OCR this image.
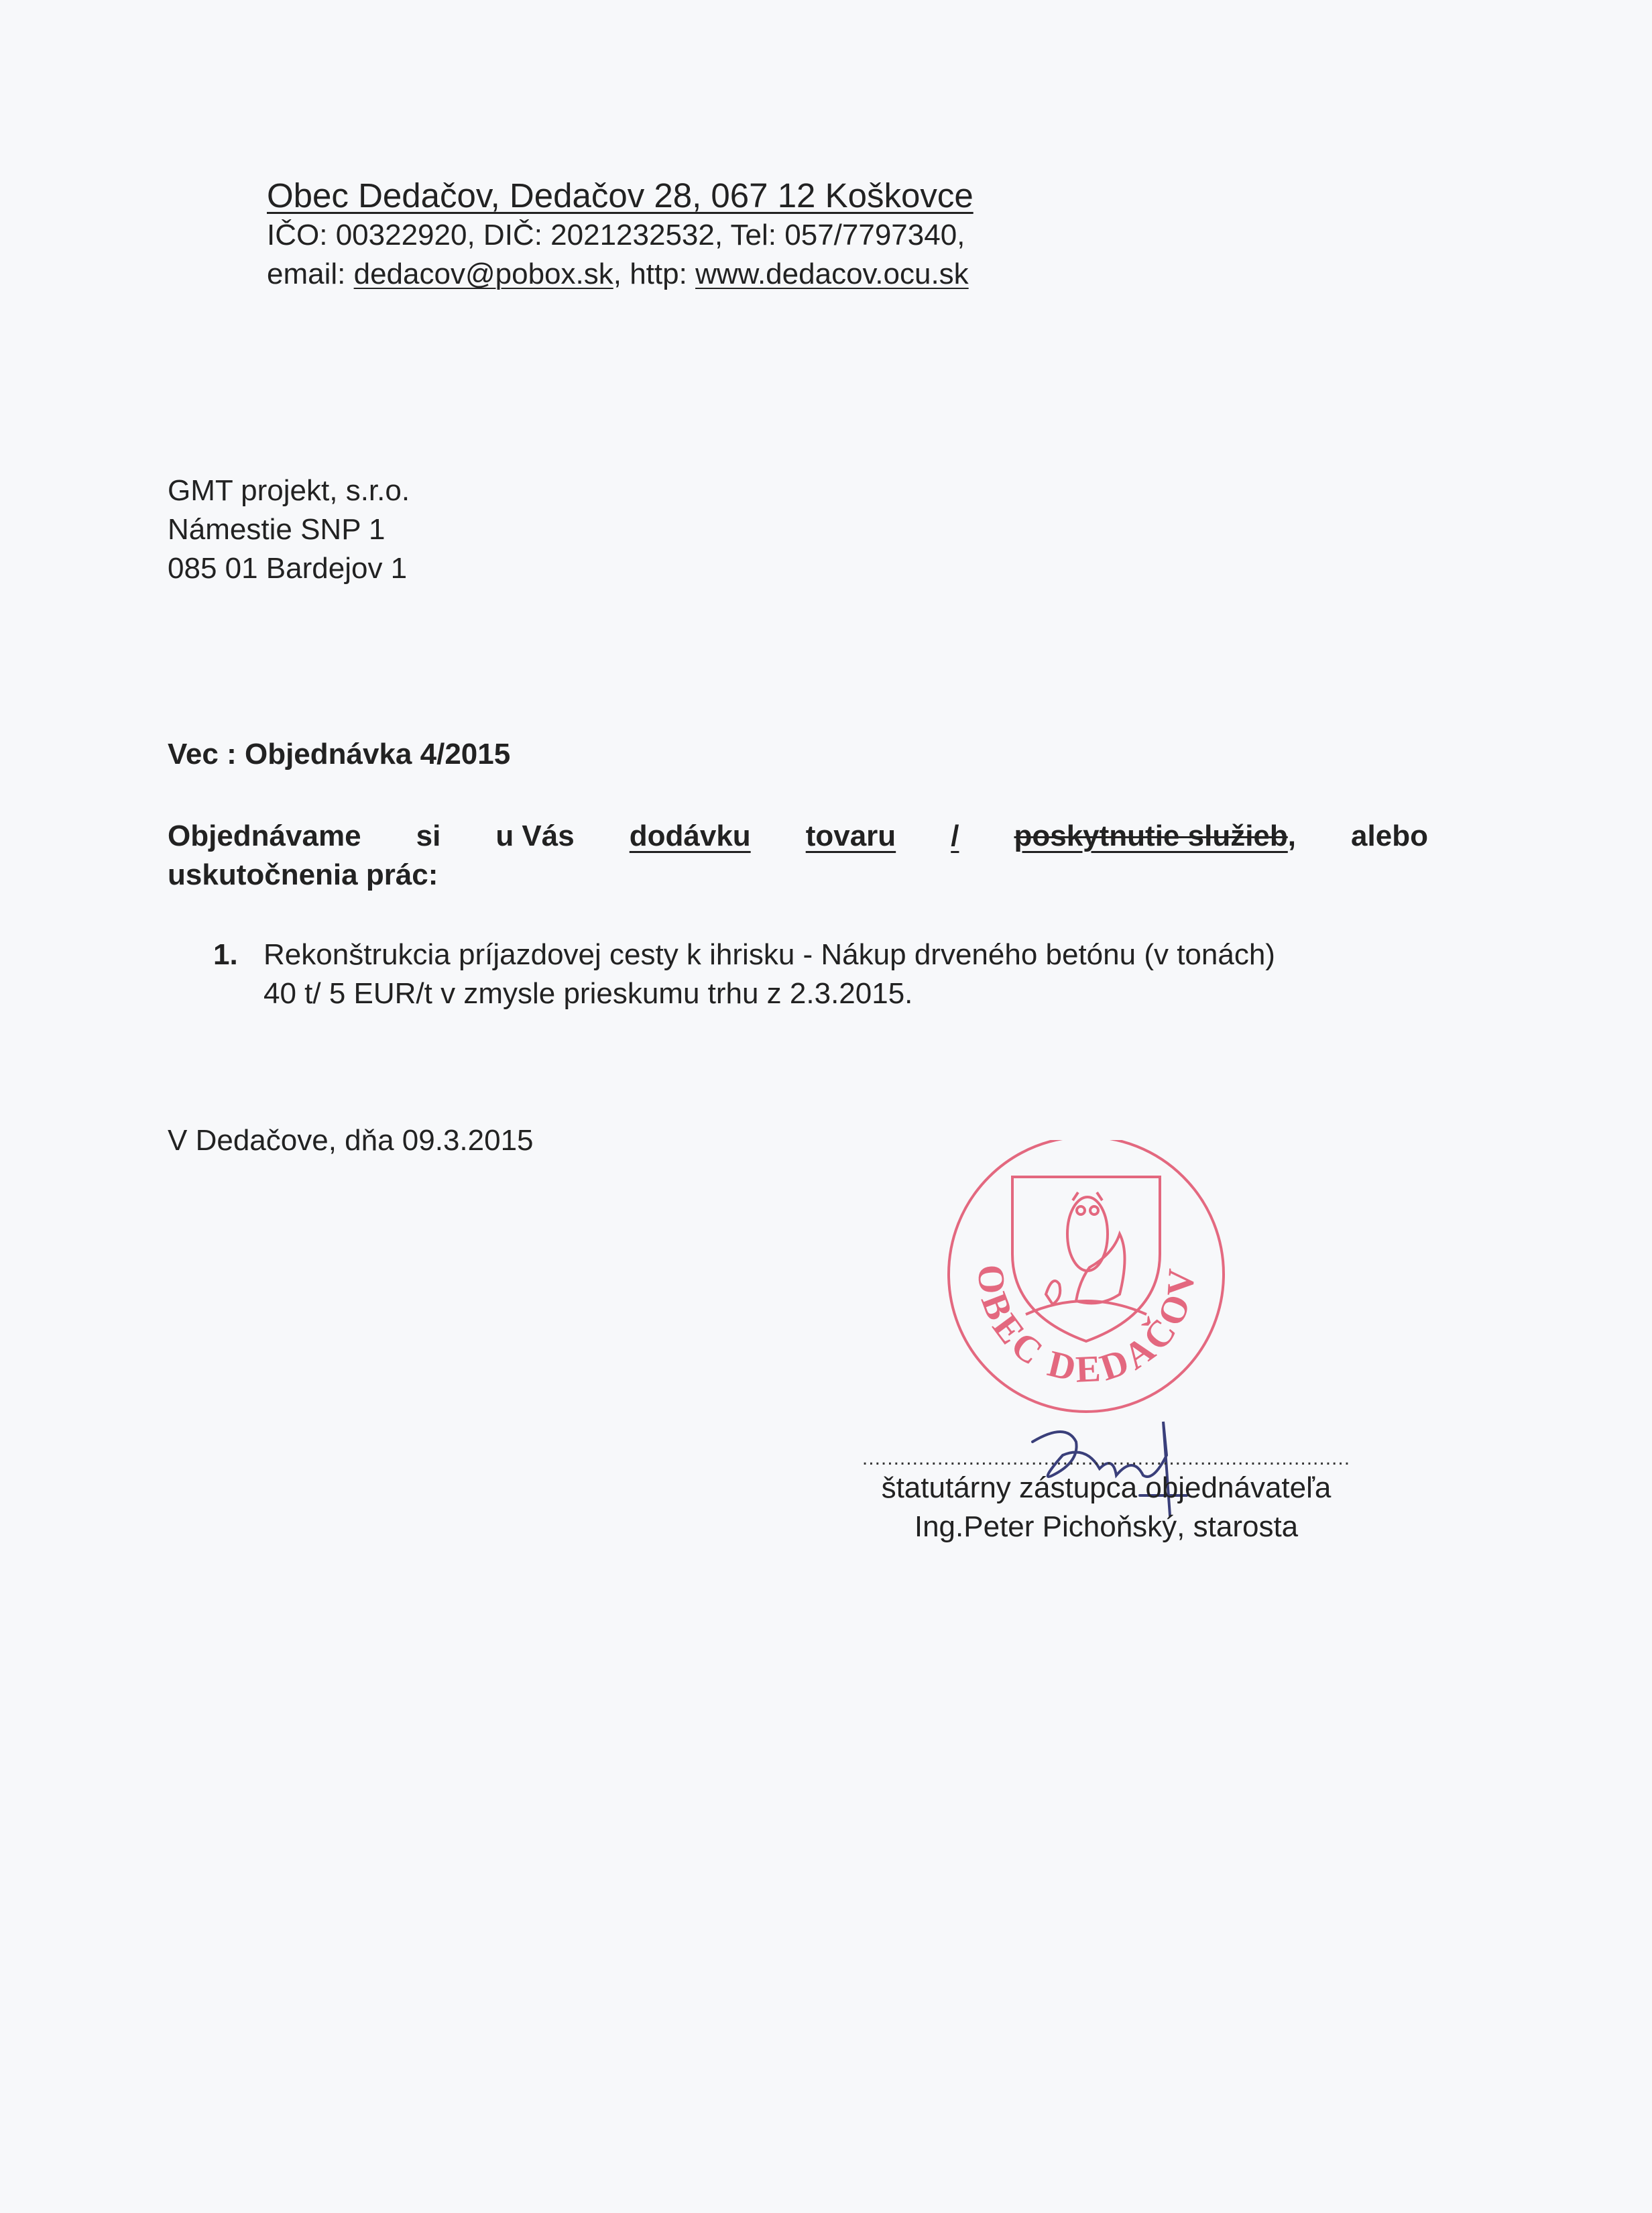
Obec Dedačov, Dedačov 28, 067 12 Koškovce
IČO: 00322920, DIČ: 2021232532, Tel: 057/7797340,
email: dedacov@pobox.sk, http: www.dedacov.ocu.sk
GMT projekt, s.r.o.
Námestie SNP 1
085 01 Bardejov 1
Vec : Objednávka 4/2015
Objednávame si u Vás dodávku tovaru / poskytnutie služieb, alebo
uskutočnenia prác:
1. Rekonštrukcia príjazdovej cesty k ihrisku - Nákup drveného betónu (v tonách)
40 t/ 5 EUR/t v zmysle prieskumu trhu z 2.3.2015.
V Dedačove, dňa 09.3.2015
OBEC DEDAČOV
..............................................................................
štatutárny zástupca objednávateľa
Ing.Peter Pichoňský, starosta
